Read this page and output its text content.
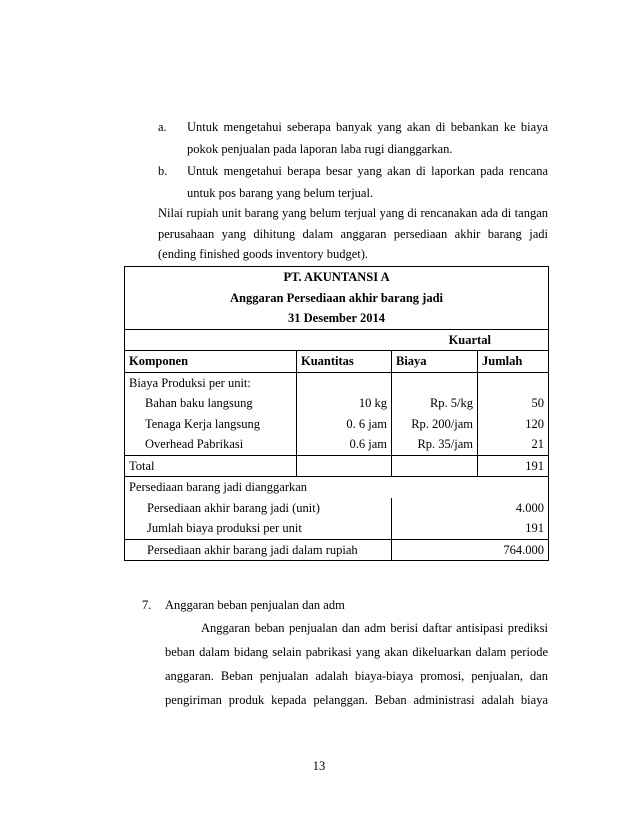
a. Untuk mengetahui seberapa banyak yang akan di bebankan ke biaya
pokok penjualan pada laporan laba rugi dianggarkan.
b. Untuk mengetahui berapa besar yang akan di laporkan pada rencana
untuk pos barang yang belum terjual.
Nilai rupiah unit barang yang belum terjual yang di rencanakan ada di tangan
PT. AKUNTANSI A			
Anggaran Persediaan akhir barang jadi			
31 Desember 2014			
		Kuartal	
Komponen	Kuantitas	Biaya	Jumlah
Biaya Produksi per unit:			
Bahan baku langsung	10 kg	Rp. 5/kg	50
Tenaga Kerja langsung	0. 6 jam	Rp. 200/jam	120
Overhead Pabrikasi	0.6 jam	Rp. 35/jam	21
Total			191
Persediaan barang jadi dianggarkan			
Persediaan akhir barang jadi (unit)		4.000	
Jumlah biaya produksi per unit		191	
Persediaan akhir barang jadi dalam rupiah		764.000	
7. Anggaran beban penjualan dan adm
Anggaran beban penjualan dan adm berisi daftar antisipasi prediksi
beban dalam bidang selain pabrikasi yang akan dikeluarkan dalam periode
anggaran. Beban penjualan adalah biaya-biaya promosi, penjualan, dan
pengiriman produk kepada pelanggan. Beban administrasi adalah biaya
13
perusahaan yang dihitung dalam anggaran persediaan akhir barang jadi
(ending finished goods inventory budget).
